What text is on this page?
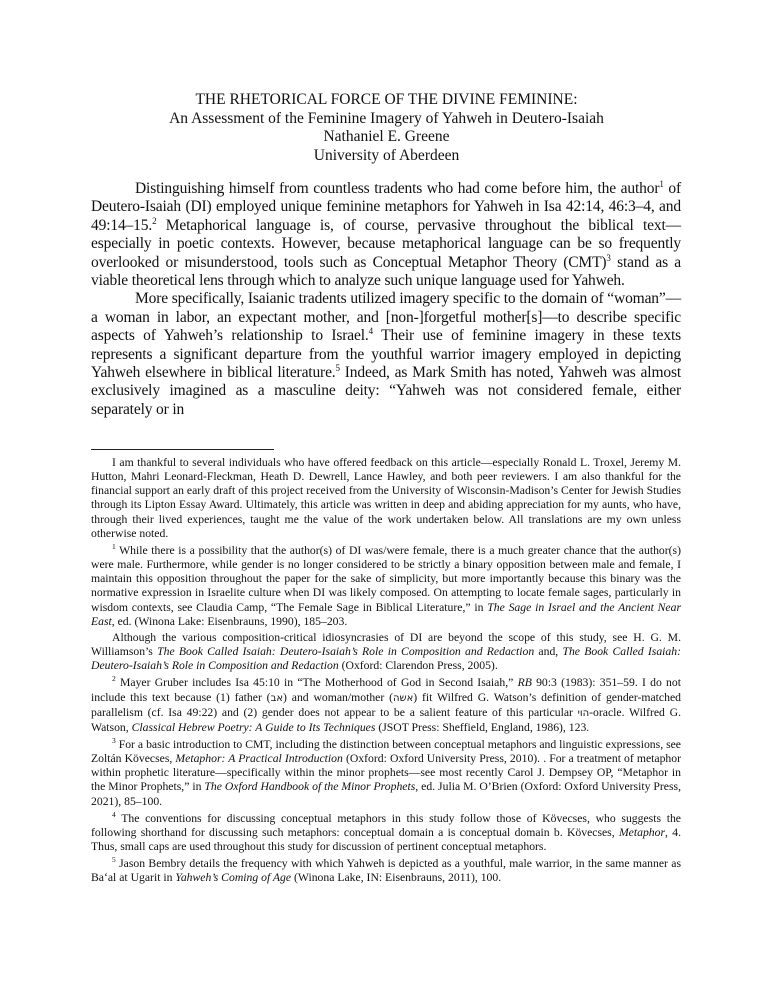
THE RHETORICAL FORCE OF THE DIVINE FEMININE:
An Assessment of the Feminine Imagery of Yahweh in Deutero-Isaiah
Nathaniel E. Greene
University of Aberdeen

Distinguishing himself from countless tradents who had come before him, the author$^1$ of Deutero-Isaiah (DI) employed unique feminine metaphors for Yahweh in Isa 42:14, 46:3–4, and 49:14–15.$^2$ Metaphorical language is, of course, pervasive throughout the biblical text—especially in poetic contexts. However, because metaphorical language can be so frequently overlooked or misunderstood, tools such as Conceptual Metaphor Theory (CMT)$^3$ stand as a viable theoretical lens through which to analyze such unique language used for Yahweh.

More specifically, Isaianic tradents utilized imagery specific to the domain of “woman”—a woman in labor, an expectant mother, and [non-]forgetful mother[s]—to describe specific aspects of Yahweh’s relationship to Israel.$^4$ Their use of feminine imagery in these texts represents a significant departure from the youthful warrior imagery employed in depicting Yahweh elsewhere in biblical literature.$^5$ Indeed, as Mark Smith has noted, Yahweh was almost exclusively imagined as a masculine deity: “Yahweh was not considered female, either separately or in

I am thankful to several individuals who have offered feedback on this article—especially Ronald L. Troxel, Jeremy M. Hutton, Mahri Leonard-Fleckman, Heath D. Dewrell, Lance Hawley, and both peer reviewers. I am also thankful for the financial support an early draft of this project received from the University of Wisconsin-Madison’s Center for Jewish Studies through its Lipton Essay Award. Ultimately, this article was written in deep and abiding appreciation for my aunts, who have, through their lived experiences, taught me the value of the work undertaken below. All translations are my own unless otherwise noted.

$^1$ While there is a possibility that the author(s) of DI was/were female, there is a much greater chance that the author(s) were male. Furthermore, while gender is no longer considered to be strictly a binary opposition between male and female, I maintain this opposition throughout the paper for the sake of simplicity, but more importantly because this binary was the normative expression in Israelite culture when DI was likely composed. On attempting to locate female sages, particularly in wisdom contexts, see Claudia Camp, “The Female Sage in Biblical Literature,” in The Sage in Israel and the Ancient Near East, ed. (Winona Lake: Eisenbrauns, 1990), 185–203.

Although the various composition-critical idiosyncrasies of DI are beyond the scope of this study, see H. G. M. Williamson’s The Book Called Isaiah: Deutero-Isaiah’s Role in Composition and Redaction and, The Book Called Isaiah: Deutero-Isaiah’s Role in Composition and Redaction (Oxford: Clarendon Press, 2005).

$^2$ Mayer Gruber includes Isa 45:10 in “The Motherhood of God in Second Isaiah,” RB 90:3 (1983): 351–59. I do not include this text because (1) father (אב) and woman/mother (אשה) fit Wilfred G. Watson’s definition of gender-matched parallelism (cf. Isa 49:22) and (2) gender does not appear to be a salient feature of this particular הוי-oracle. Wilfred G. Watson, Classical Hebrew Poetry: A Guide to Its Techniques (JSOT Press: Sheffield, England, 1986), 123.

$^3$ For a basic introduction to CMT, including the distinction between conceptual metaphors and linguistic expressions, see Zoltán Kövecses, Metaphor: A Practical Introduction (Oxford: Oxford University Press, 2010). . For a treatment of metaphor within prophetic literature—specifically within the minor prophets—see most recently Carol J. Dempsey OP, “Metaphor in the Minor Prophets,” in The Oxford Handbook of the Minor Prophets, ed. Julia M. O’Brien (Oxford: Oxford University Press, 2021), 85–100.

$^4$ The conventions for discussing conceptual metaphors in this study follow those of Kövecses, who suggests the following shorthand for discussing such metaphors: conceptual domain a is conceptual domain b. Kövecses, Metaphor, 4. Thus, small caps are used throughout this study for discussion of pertinent conceptual metaphors.

$^5$ Jason Bembry details the frequency with which Yahweh is depicted as a youthful, male warrior, in the same manner as Ba‘al at Ugarit in Yahweh’s Coming of Age (Winona Lake, IN: Eisenbrauns, 2011), 100.
